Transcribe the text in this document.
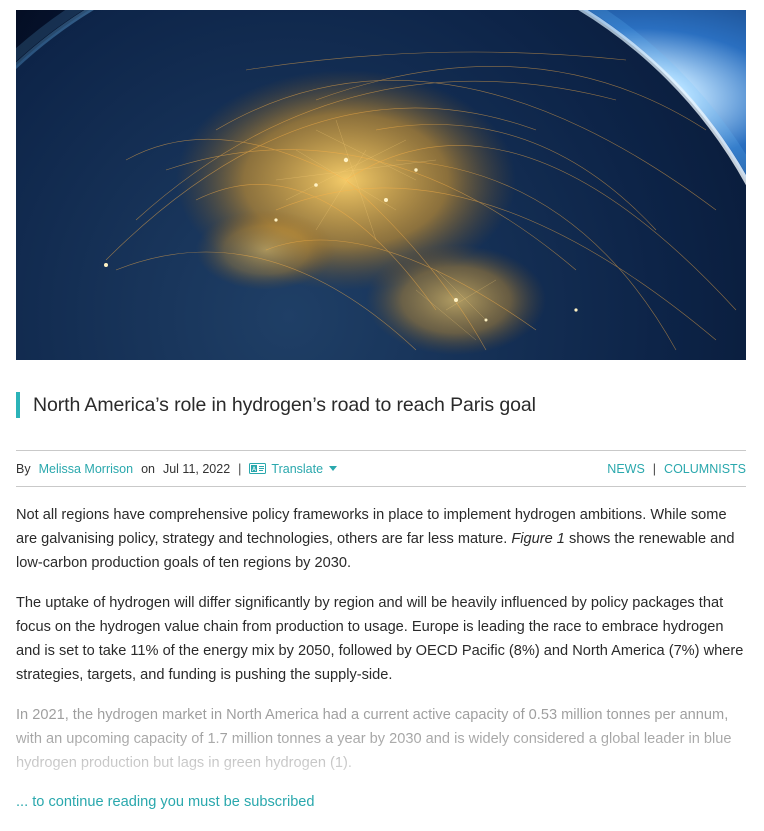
North America’s role in hydrogen’s road to reach Paris goal
By Melissa Morrison on Jul 11, 2022 | A Translate	NEWS | COLUMNISTS

Not all regions have comprehensive policy frameworks in place to implement hydrogen ambitions. While some are galvanising policy, strategy and technologies, others are far less mature. Figure 1 shows the renewable and low-carbon production goals of ten regions by 2030.

The uptake of hydrogen will differ significantly by region and will be heavily influenced by policy packages that focus on the hydrogen value chain from production to usage. Europe is leading the race to embrace hydrogen and is set to take 11% of the energy mix by 2050, followed by OECD Pacific (8%) and North America (7%) where strategies, targets, and funding is pushing the supply-side.

In 2021, the hydrogen market in North America had a current active capacity of 0.53 million tonnes per annum, with an upcoming capacity of 1.7 million tonnes a year by 2030 and is widely considered a global leader in blue hydrogen production but lags in green hydrogen (1).

... to continue reading you must be subscribed
